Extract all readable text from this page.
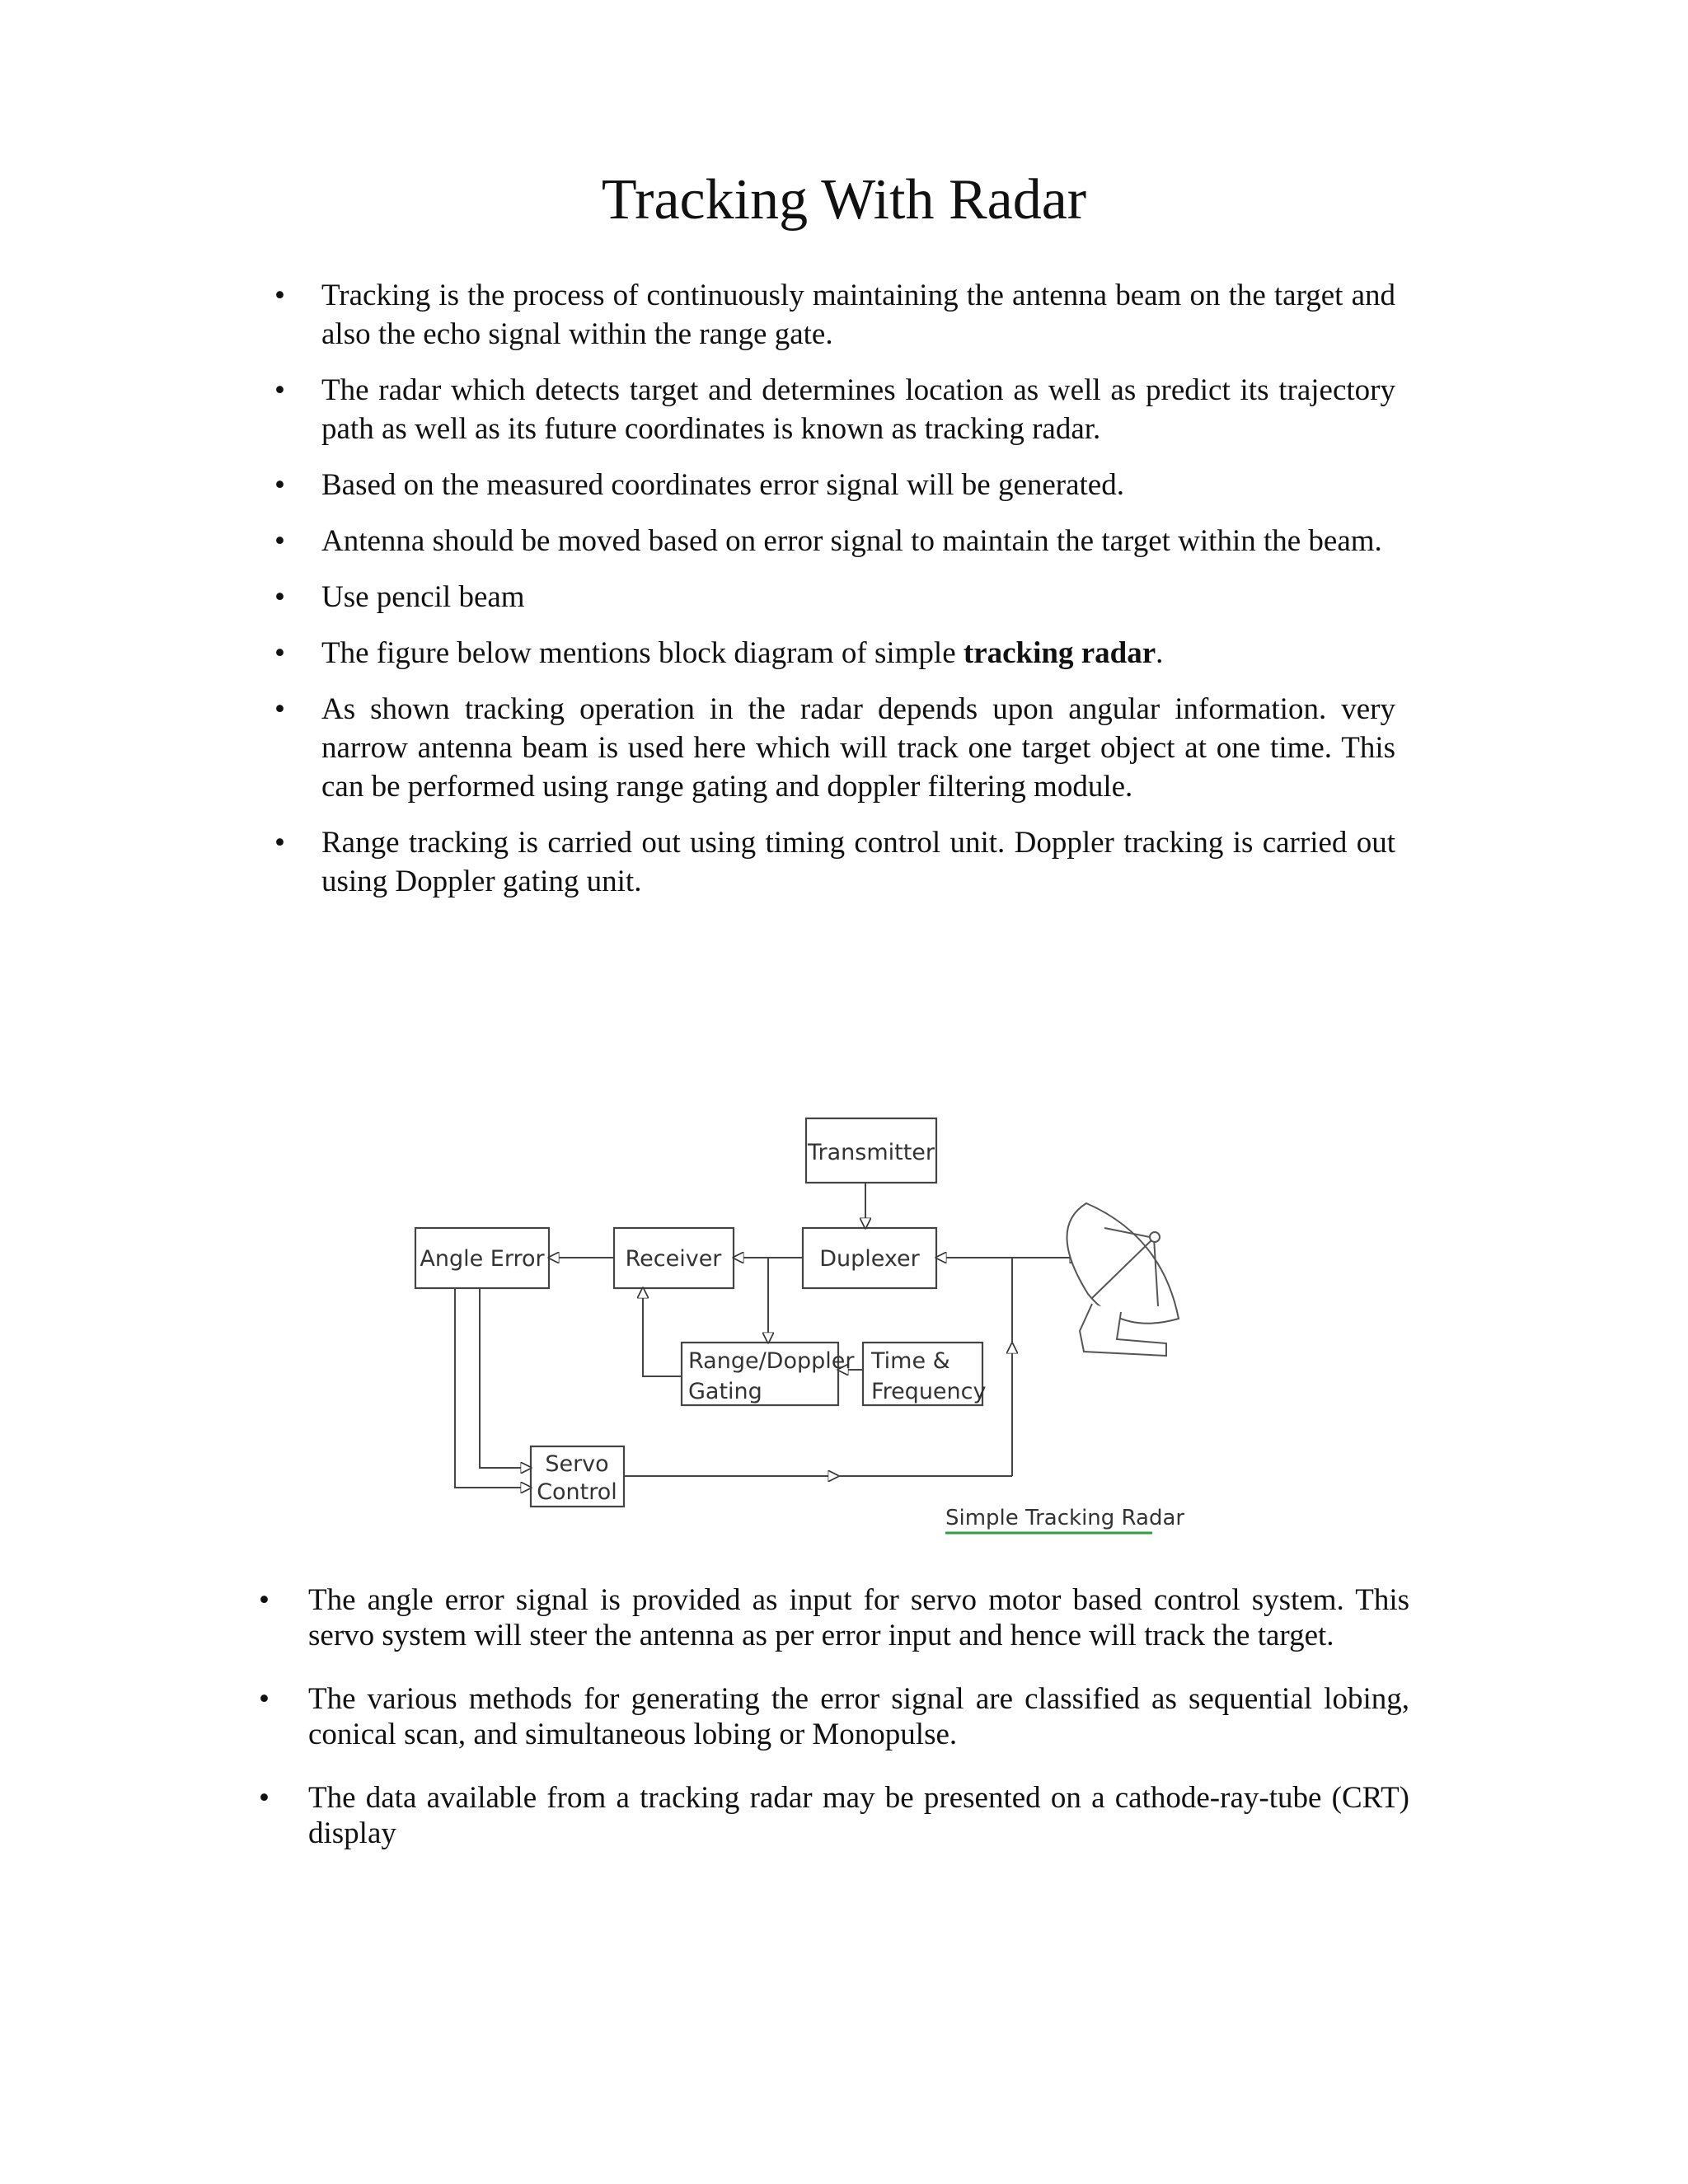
Tracking With Radar
• Tracking is the process of continuously maintaining the antenna beam on the target and also the echo signal within the range gate.
• The radar which detects target and determines location as well as predict its trajectory path as well as its future coordinates is known as tracking radar.
• Based on the measured coordinates error signal will be generated.
• Antenna should be moved based on error signal to maintain the target within the beam.
• Use pencil beam
• The figure below mentions block diagram of simple tracking radar.
• As shown tracking operation in the radar depends upon angular information. very narrow antenna beam is used here which will track one target object at one time. This can be performed using range gating and doppler filtering module.
• Range tracking is carried out using timing control unit. Doppler tracking is carried out using Doppler gating unit.
Transmitter
Angle Error	Receiver	Duplexer
Range/Doppler
Gating
Time &
Frequency
Servo
Control
Simple Tracking Radar
• The angle error signal is provided as input for servo motor based control system. This servo system will steer the antenna as per error input and hence will track the target.
• The various methods for generating the error signal are classified as sequential lobing, conical scan, and simultaneous lobing or Monopulse.
• The data available from a tracking radar may be presented on a cathode-ray-tube (CRT) display
